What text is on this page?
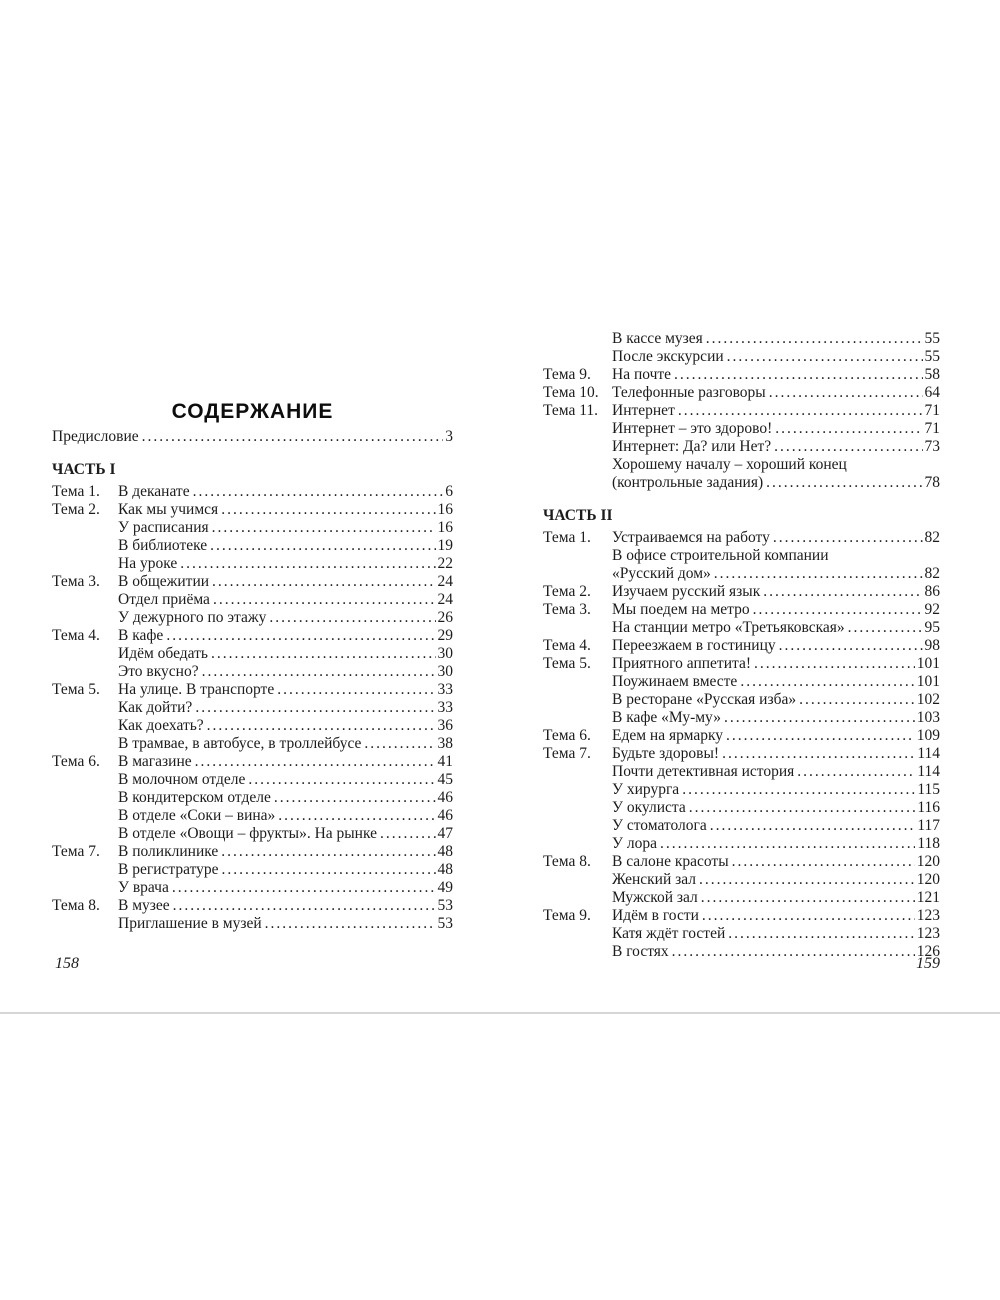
СОДЕРЖАНИЕ
Предисловие .....	3
ЧАСТЬ I
Тема 1.	В деканате .....	6
Тема 2.	Как мы учимся .....	16
У расписания .....	16
В библиотеке .....	19
На уроке .....	22
Тема 3.	В общежитии .....	24
Отдел приёма .....	24
У дежурного по этажу .....	26
Тема 4.	В кафе .....	29
Идём обедать .....	30
Это вкусно? .....	30
Тема 5.	На улице. В транспорте .....	33
Как дойти? .....	33
Как доехать? .....	36
В трамвае, в автобусе, в троллейбусе .....	38
Тема 6.	В магазине .....	41
В молочном отделе .....	45
В кондитерском отделе .....	46
В отделе «Соки – вина» .....	46
В отделе «Овощи – фрукты». На рынке .....	47
Тема 7.	В поликлинике .....	48
В регистратуре .....	48
У врача .....	49
Тема 8.	В музее .....	53
Приглашение в музей .....	53
В кассе музея .....	55
После экскурсии .....	55
Тема 9.	На почте .....	58
Тема 10. Телефонные разговоры .....	64
Тема 11. Интернет .....	71
Интернет – это здорово! .....	71
Интернет: Да? или Нет? .....	73
Хорошему началу – хороший конец
(контрольные задания) .....	78
ЧАСТЬ II
Тема 1.	Устраиваемся на работу .....	82
В офисе строительной компании
«Русский дом» .....	82
Тема 2.	Изучаем русский язык .....	86
Тема 3.	Мы поедем на метро .....	92
На станции метро «Третьяковская» .....	95
Тема 4.	Переезжаем в гостиницу .....	98
Тема 5.	Приятного аппетита! .....	101
Поужинаем вместе .....	101
В ресторане «Русская изба» .....	102
В кафе «Му-му» .....	103
Тема 6.	Едем на ярмарку .....	109
Тема 7.	Будьте здоровы! .....	114
Почти детективная история .....	114
У хирурга .....	115
У окулиста .....	116
У стоматолога .....	117
У лора .....	118
Тема 8.	В салоне красоты .....	120
Женский зал .....	120
Мужской зал .....	121
Тема 9.	Идём в гости .....	123
Катя ждёт гостей .....	123
В гостях .....	126
158	159
